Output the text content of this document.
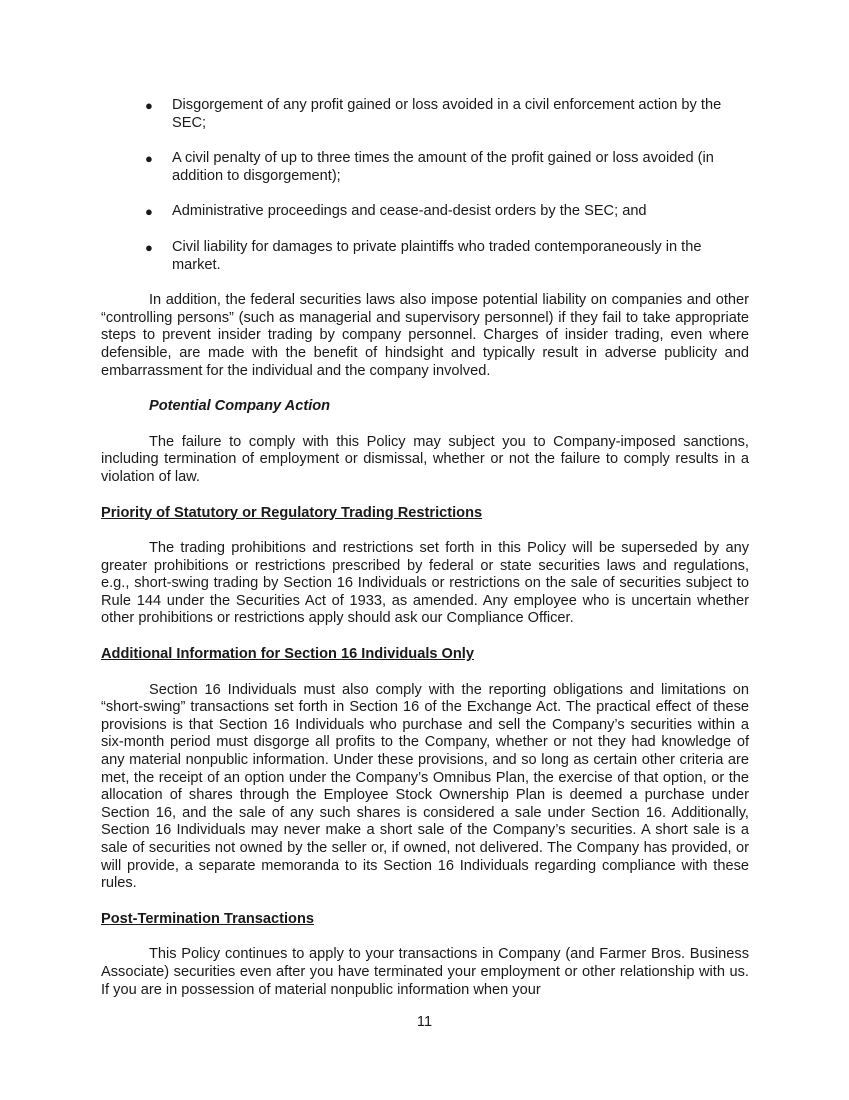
● Disgorgement of any profit gained or loss avoided in a civil enforcement action by the SEC;
● A civil penalty of up to three times the amount of the profit gained or loss avoided (in addition to disgorgement);
● Administrative proceedings and cease-and-desist orders by the SEC; and
● Civil liability for damages to private plaintiffs who traded contemporaneously in the market.

In addition, the federal securities laws also impose potential liability on companies and other “controlling persons” (such as managerial and supervisory personnel) if they fail to take appropriate steps to prevent insider trading by company personnel. Charges of insider trading, even where defensible, are made with the benefit of hindsight and typically result in adverse publicity and embarrassment for the individual and the company involved.

Potential Company Action

The failure to comply with this Policy may subject you to Company-imposed sanctions, including termination of employment or dismissal, whether or not the failure to comply results in a violation of law.

Priority of Statutory or Regulatory Trading Restrictions

The trading prohibitions and restrictions set forth in this Policy will be superseded by any greater prohibitions or restrictions prescribed by federal or state securities laws and regulations, e.g., short-swing trading by Section 16 Individuals or restrictions on the sale of securities subject to Rule 144 under the Securities Act of 1933, as amended. Any employee who is uncertain whether other prohibitions or restrictions apply should ask our Compliance Officer.

Additional Information for Section 16 Individuals Only

Section 16 Individuals must also comply with the reporting obligations and limitations on “short-swing” transactions set forth in Section 16 of the Exchange Act. The practical effect of these provisions is that Section 16 Individuals who purchase and sell the Company’s securities within a six-month period must disgorge all profits to the Company, whether or not they had knowledge of any material nonpublic information. Under these provisions, and so long as certain other criteria are met, the receipt of an option under the Company’s Omnibus Plan, the exercise of that option, or the allocation of shares through the Employee Stock Ownership Plan is deemed a purchase under Section 16, and the sale of any such shares is considered a sale under Section 16. Additionally, Section 16 Individuals may never make a short sale of the Company’s securities. A short sale is a sale of securities not owned by the seller or, if owned, not delivered. The Company has provided, or will provide, a separate memoranda to its Section 16 Individuals regarding compliance with these rules.

Post-Termination Transactions

This Policy continues to apply to your transactions in Company (and Farmer Bros. Business Associate) securities even after you have terminated your employment or other relationship with us. If you are in possession of material nonpublic information when your

11
